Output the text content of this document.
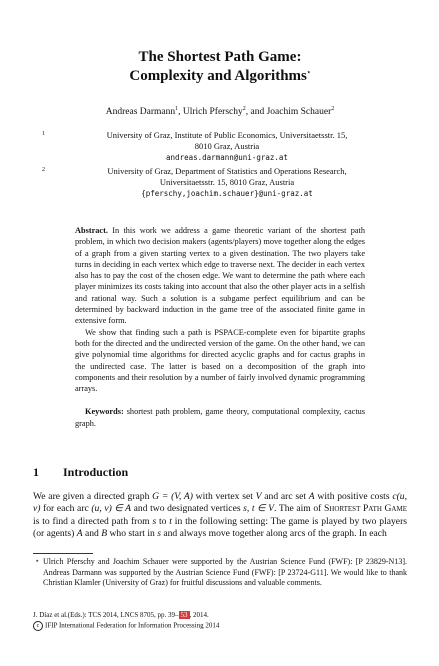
The Shortest Path Game:
Complexity and Algorithms⋆
Andreas Darmann$^1$, Ulrich Pferschy$^2$, and Joachim Schauer$^2$
1	University of Graz, Institute of Public Economics, Universitaetsstr. 15,
8010 Graz, Austria
andreas.darmann@uni-graz.at
2	University of Graz, Department of Statistics and Operations Research,
Universitaetsstr. 15, 8010 Graz, Austria
{pferschy,joachim.schauer}@uni-graz.at

Abstract. In this work we address a game theoretic variant of the shortest path problem, in which two decision makers (agents/players) move together along the edges of a graph from a given starting vertex to a given destination. The two players take turns in deciding in each vertex which edge to traverse next. The decider in each vertex also has to pay the cost of the chosen edge. We want to determine the path where each player minimizes its costs taking into account that also the other player acts in a selfish and rational way. Such a solution is a subgame perfect equilibrium and can be determined by backward induction in the game tree of the associated finite game in extensive form.

We show that finding such a path is PSPACE-complete even for bipartite graphs both for the directed and the undirected version of the game. On the other hand, we can give polynomial time algorithms for directed acyclic graphs and for cactus graphs in the undirected case. The latter is based on a decomposition of the graph into components and their resolution by a number of fairly involved dynamic programming arrays.

Keywords: shortest path problem, game theory, computational complexity, cactus graph.

1 Introduction

We are given a directed graph G = (V, A) with vertex set V and arc set A with positive costs c(u, v) for each arc (u, v) ∈ A and two designated vertices s, t ∈ V. The aim of Shortest Path Game is to find a directed path from s to t in the following setting: The game is played by two players (or agents) A and B who start in s and always move together along arcs of the graph. In each

⋆ Ulrich Pferschy and Joachim Schauer were supported by the Austrian Science Fund (FWF): [P 23829-N13]. Andreas Darmann was supported by the Austrian Science Fund (FWF): [P 23724-G11]. We would like to thank Christian Klamler (University of Graz) for fruitful discussions and valuable comments.
J. Díaz et al.(Eds.): TCS 2014, LNCS 8705, pp. 39– 53 , 2014.
c IFIP International Federation for Information Processing 2014
